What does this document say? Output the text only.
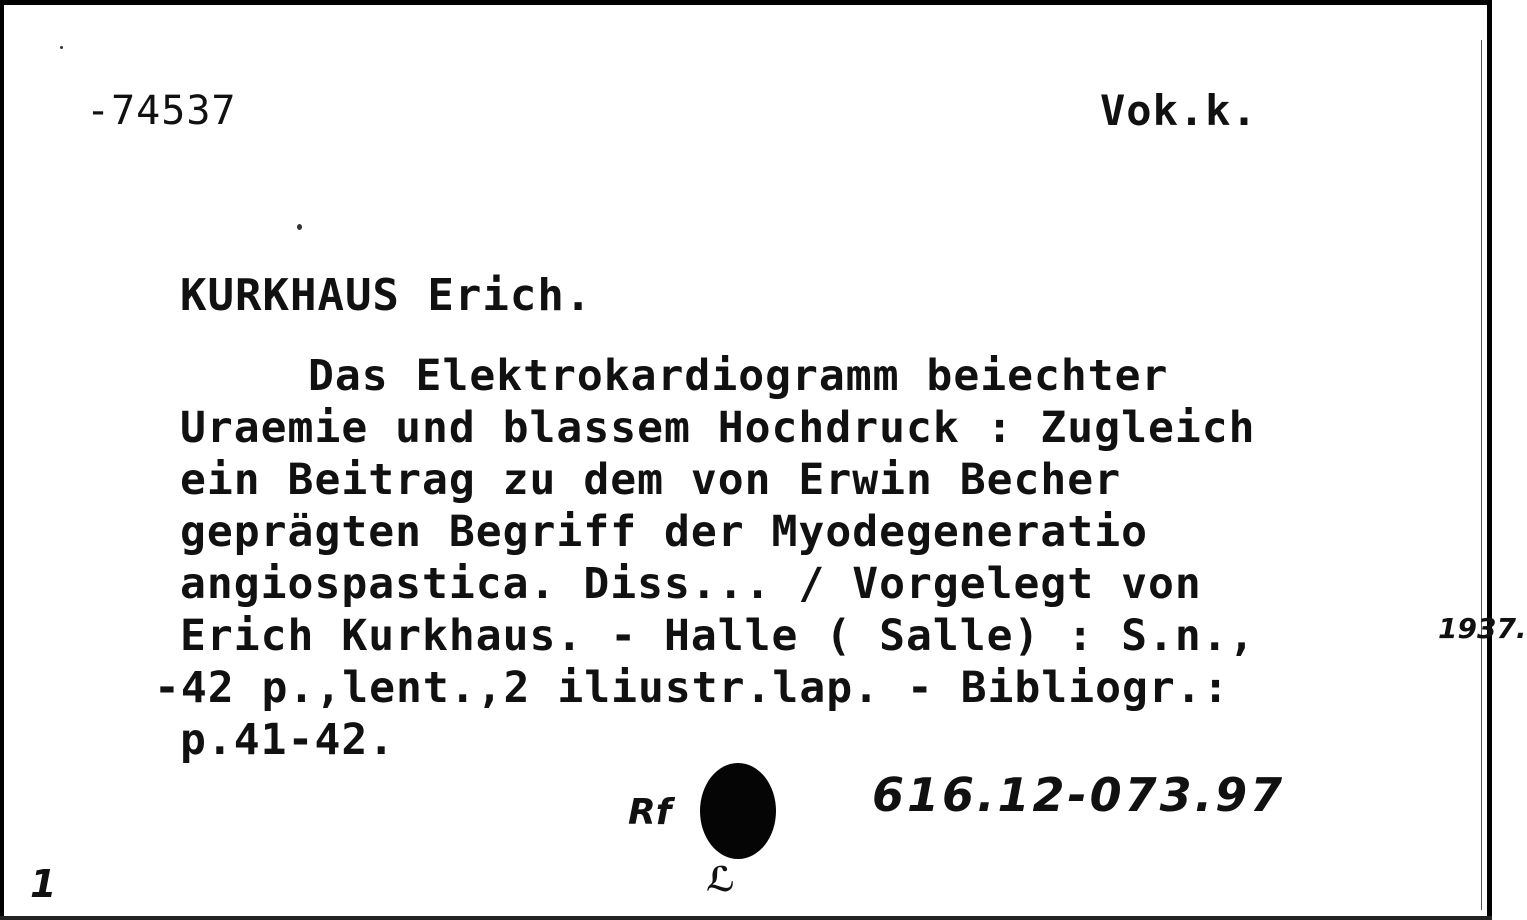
-74537	Vok.k.
KURKHAUS Erich.

Das Elektrokardiogramm beiechter

Uraemie und blassem Hochdruck : Zugleich

ein Beitrag zu dem von Erwin Becher

geprägten Begriff der Myodegeneratio

angiospastica. Diss... / Vorgelegt von

Erich Kurkhaus. - Halle ( Salle) : S.n.,

-42 p.,lent.,2 iliustr.lap. - Bibliogr.:

p.41-42.

1937.
Rf	616.12-073.97
1	ℒ
